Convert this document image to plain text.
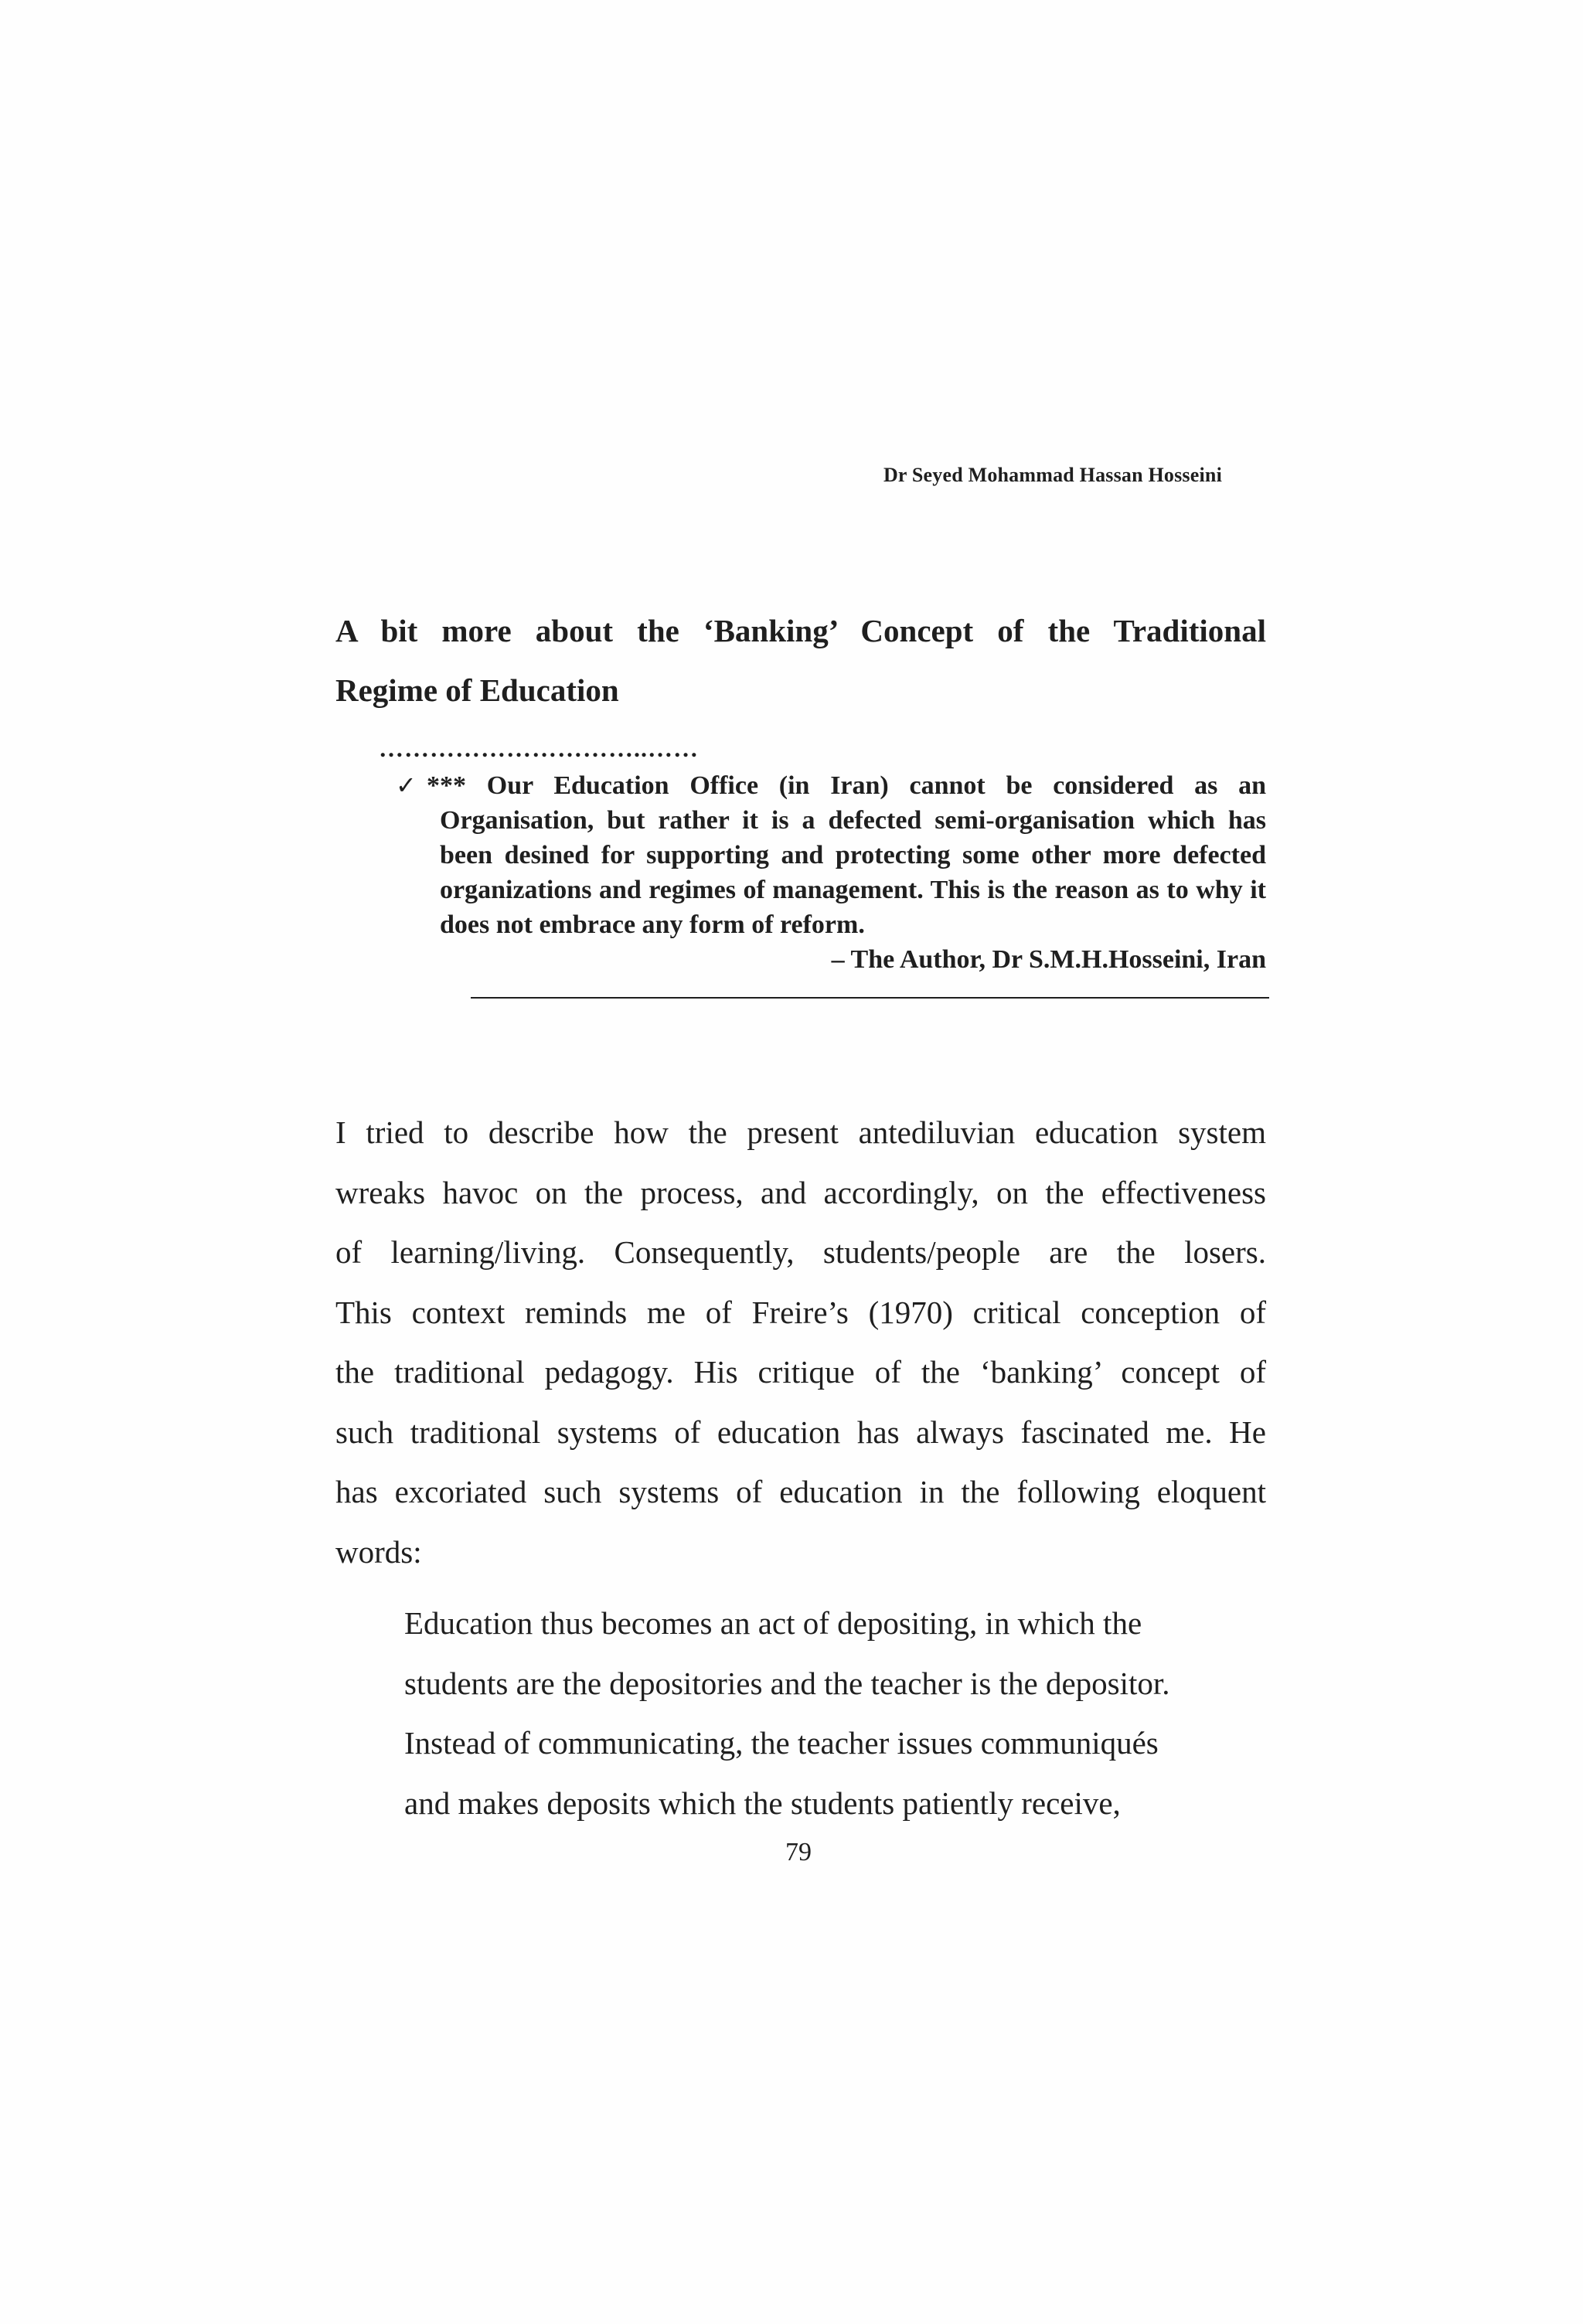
Dr Seyed Mohammad Hassan Hosseini
A bit more about the ‘Banking’ Concept of the Traditional
Regime of Education
…………………………..……
✓ *** Our Education Office (in Iran) cannot be considered as an
Organisation, but rather it is a defected semi-organisation which has been desined for supporting and protecting some other more defected organizations and regimes of management. This is the reason as to why it does not embrace any form of reform.
– The Author, Dr S.M.H.Hosseini, Iran

I tried to describe how the present antediluvian education system
wreaks havoc on the process, and accordingly, on the effectiveness
of learning/living. Consequently, students/people are the losers.
This context reminds me of Freire’s (1970) critical conception of
the traditional pedagogy. His critique of the ‘banking’ concept of
such traditional systems of education has always fascinated me. He
has excoriated such systems of education in the following eloquent
words:

Education thus becomes an act of depositing, in which the
students are the depositories and the teacher is the depositor.
Instead of communicating, the teacher issues communiqués
and makes deposits which the students patiently receive,
79
